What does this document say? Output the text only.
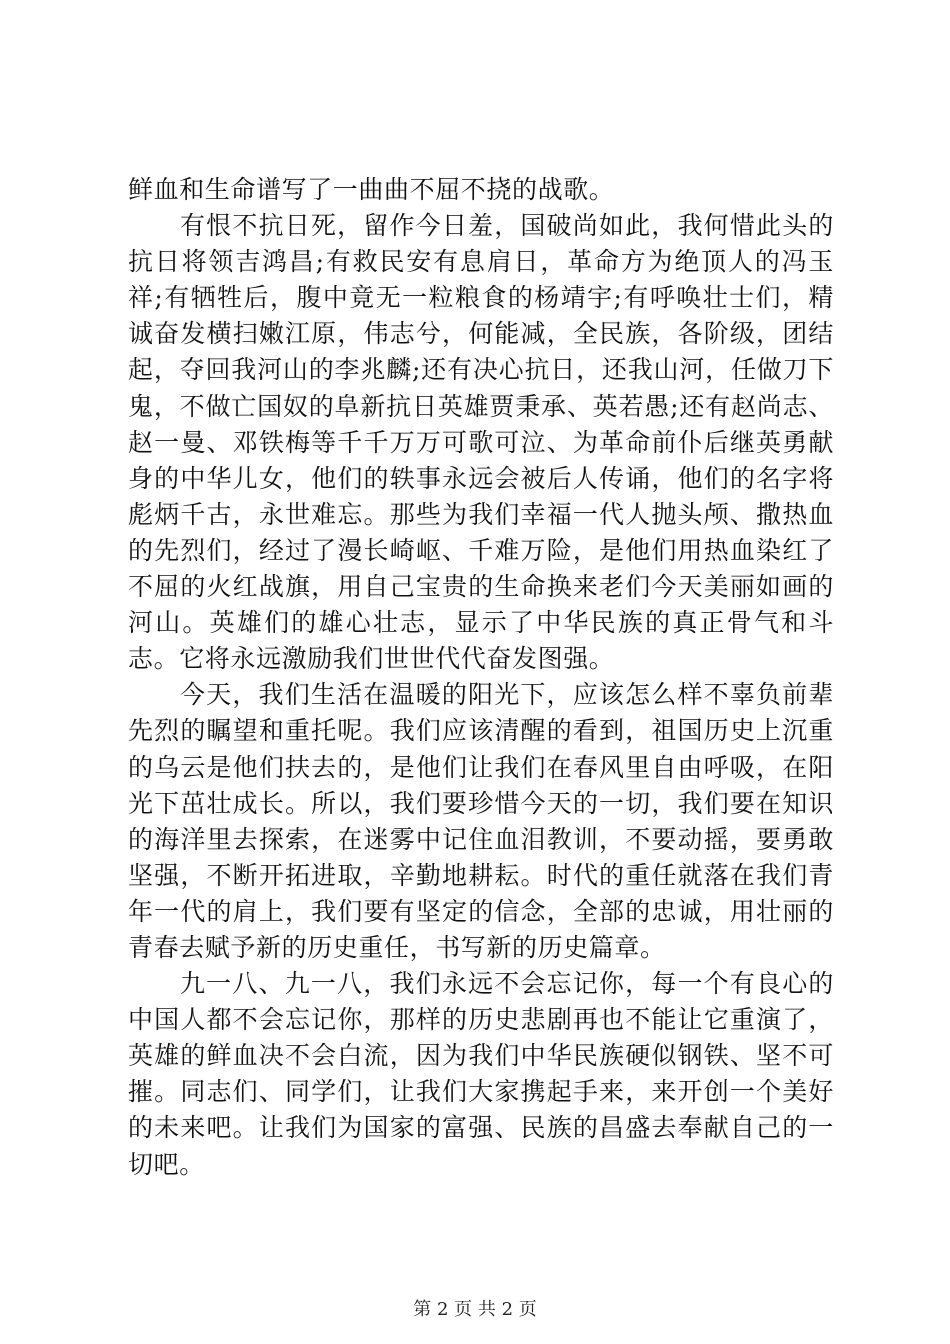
鲜血和生命谱写了一曲曲不屈不挠的战歌。

有恨不抗日死，留作今日羞，国破尚如此，我何惜此头的抗日将领吉鸿昌;有救民安有息肩日，革命方为绝顶人的冯玉祥;有牺牲后，腹中竟无一粒粮食的杨靖宇;有呼唤壮士们，精诚奋发横扫嫩江原，伟志兮，何能减，全民族，各阶级，团结起，夺回我河山的李兆麟;还有决心抗日，还我山河，任做刀下鬼，不做亡国奴的阜新抗日英雄贾秉承、英若愚;还有赵尚志、赵一曼、邓铁梅等千千万万可歌可泣、为革命前仆后继英勇献身的中华儿女，他们的轶事永远会被后人传诵，他们的名字将彪炳千古，永世难忘。那些为我们幸福一代人抛头颅、撒热血的先烈们，经过了漫长崎岖、千难万险，是他们用热血染红了不屈的火红战旗，用自己宝贵的生命换来老们今天美丽如画的河山。英雄们的雄心壮志，显示了中华民族的真正骨气和斗志。它将永远激励我们世世代代奋发图强。

今天，我们生活在温暖的阳光下，应该怎么样不辜负前辈先烈的瞩望和重托呢。我们应该清醒的看到，祖国历史上沉重的乌云是他们扶去的，是他们让我们在春风里自由呼吸，在阳光下茁壮成长。所以，我们要珍惜今天的一切，我们要在知识的海洋里去探索，在迷雾中记住血泪教训，不要动摇，要勇敢坚强，不断开拓进取，辛勤地耕耘。时代的重任就落在我们青年一代的肩上，我们要有坚定的信念，全部的忠诚，用壮丽的青春去赋予新的历史重任，书写新的历史篇章。

九一八、九一八，我们永远不会忘记你，每一个有良心的中国人都不会忘记你，那样的历史悲剧再也不能让它重演了，英雄的鲜血决不会白流，因为我们中华民族硬似钢铁、坚不可摧。同志们、同学们，让我们大家携起手来，来开创一个美好的未来吧。让我们为国家的富强、民族的昌盛去奉献自己的一切吧。

第 2 页 共 2 页
